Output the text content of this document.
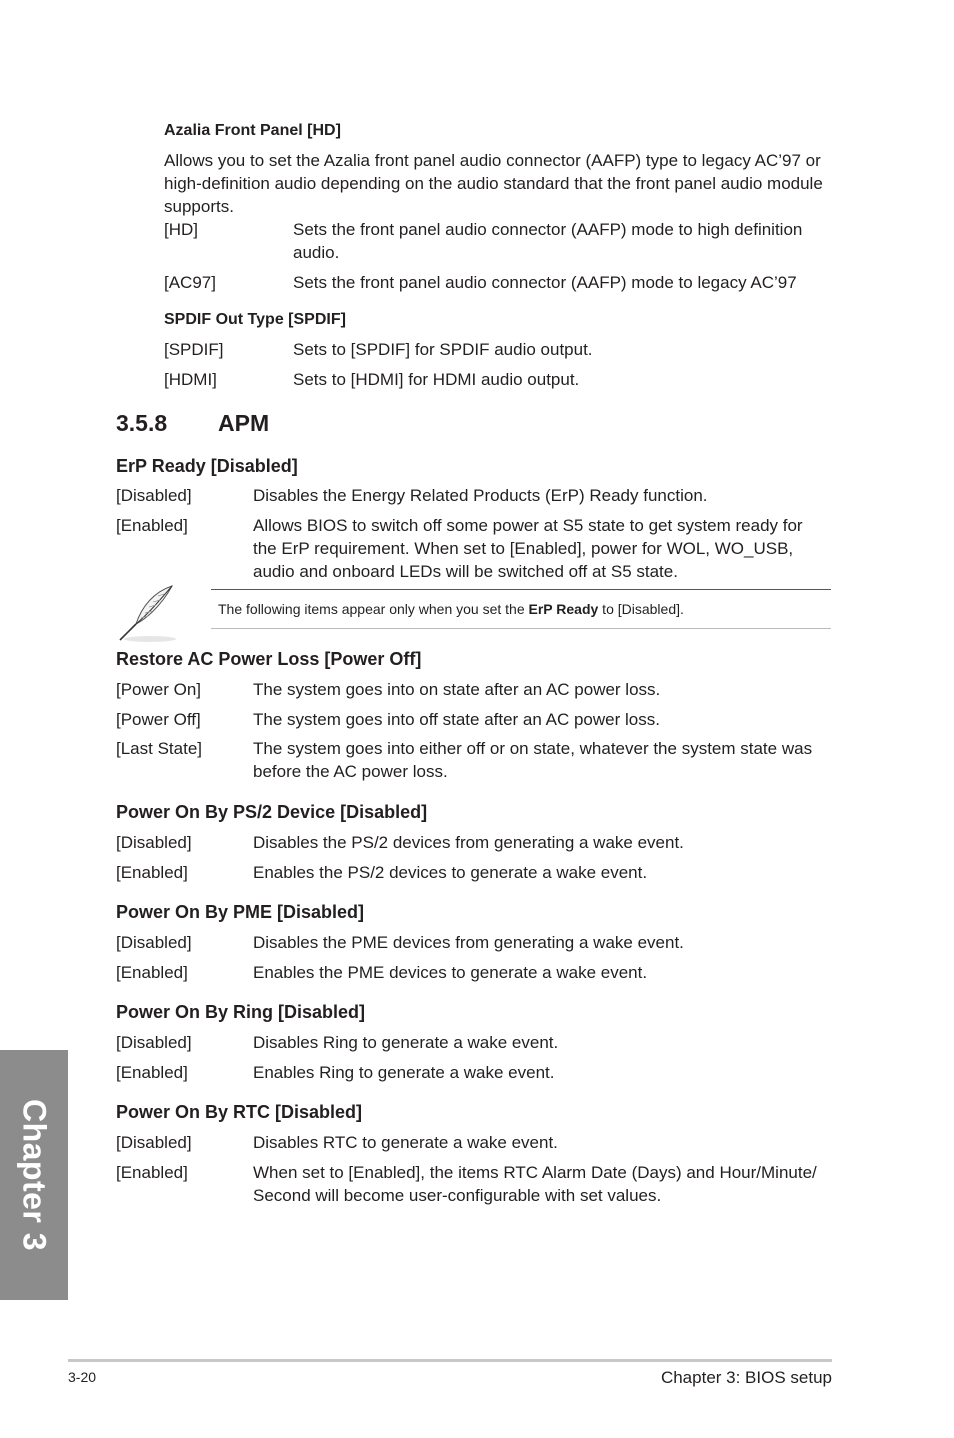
Azalia Front Panel [HD]
Allows you to set the Azalia front panel audio connector (AAFP) type to legacy AC’97 or high-definition audio depending on the audio standard that the front panel audio module supports.
[HD]	Sets the front panel audio connector (AAFP) mode to high definition audio.
[AC97]	Sets the front panel audio connector (AAFP) mode to legacy AC’97
SPDIF Out Type [SPDIF]
[SPDIF]	Sets to [SPDIF] for SPDIF audio output.
[HDMI]	Sets to [HDMI] for HDMI audio output.
3.5.8 APM
ErP Ready [Disabled]
[Disabled]	Disables the Energy Related Products (ErP) Ready function.
[Enabled]	Allows BIOS to switch off some power at S5 state to get system ready for the ErP requirement. When set to [Enabled], power for WOL, WO_USB, audio and onboard LEDs will be switched off at S5 state.
The following items appear only when you set the ErP Ready to [Disabled].
Restore AC Power Loss [Power Off]
[Power On]	The system goes into on state after an AC power loss.
[Power Off]	The system goes into off state after an AC power loss.
[Last State]	The system goes into either off or on state, whatever the system state was before the AC power loss.
Power On By PS/2 Device [Disabled]
[Disabled]	Disables the PS/2 devices from generating a wake event.
[Enabled]	Enables the PS/2 devices to generate a wake event.
Power On By PME [Disabled]
[Disabled]	Disables the PME devices from generating a wake event.
[Enabled]	Enables the PME devices to generate a wake event.
Power On By Ring [Disabled]
[Disabled]	Disables Ring to generate a wake event.
[Enabled]	Enables Ring to generate a wake event.
Power On By RTC [Disabled]
[Disabled]	Disables RTC to generate a wake event.
[Enabled]	When set to [Enabled], the items RTC Alarm Date (Days) and Hour/Minute/ Second will become user-configurable with set values.
Chapter 3
3-20	Chapter 3: BIOS setup
